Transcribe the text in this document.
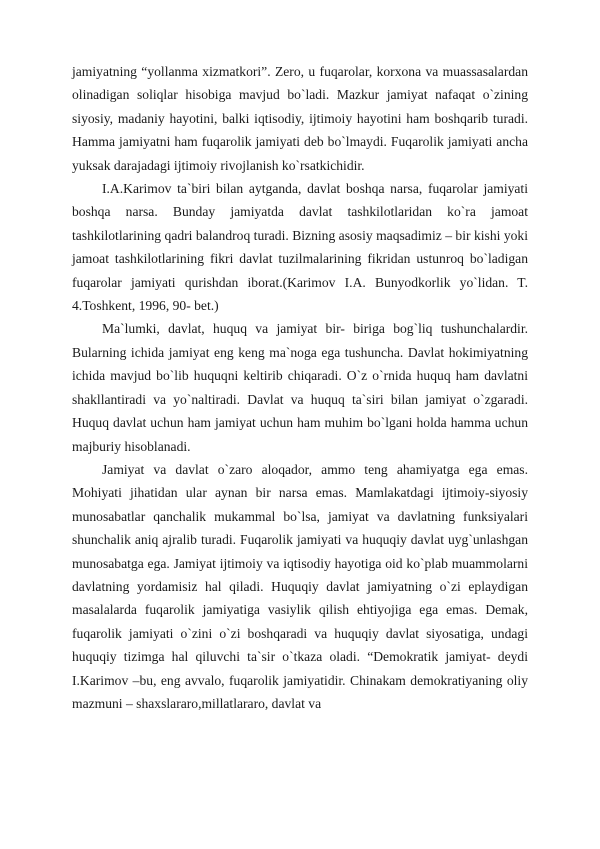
jamiyatning “yollanma xizmatkori”. Zero, u fuqarolar, korxona va muassasalardan olinadigan soliqlar hisobiga mavjud bo`ladi. Mazkur jamiyat nafaqat o`zining siyosiy, madaniy hayotini, balki iqtisodiy, ijtimoiy hayotini ham boshqarib turadi. Hamma jamiyatni ham fuqarolik jamiyati deb bo`lmaydi. Fuqarolik jamiyati ancha yuksak darajadagi ijtimoiy rivojlanish ko`rsatkichidir.

I.A.Karimov ta`biri bilan aytganda, davlat boshqa narsa, fuqarolar jamiyati boshqa narsa. Bunday jamiyatda davlat tashkilotlaridan ko`ra jamoat tashkilotlarining qadri balandroq turadi. Bizning asosiy maqsadimiz – bir kishi yoki jamoat tashkilotlarining fikri davlat tuzilmalarining fikridan ustunroq bo`ladigan fuqarolar jamiyati qurishdan iborat.(Karimov I.A. Bunyodkorlik yo`lidan. T. 4.Toshkent, 1996, 90- bet.)

Ma`lumki, davlat, huquq va jamiyat bir- biriga bog`liq tushunchalardir. Bularning ichida jamiyat eng keng ma`noga ega tushuncha. Davlat hokimiyatning ichida mavjud bo`lib huquqni keltirib chiqaradi. O`z o`rnida huquq ham davlatni shakllantiradi va yo`naltiradi. Davlat va huquq ta`siri bilan jamiyat o`zgaradi. Huquq davlat uchun ham jamiyat uchun ham muhim bo`lgani holda hamma uchun majburiy hisoblanadi.

Jamiyat va davlat o`zaro aloqador, ammo teng ahamiyatga ega emas. Mohiyati jihatidan ular aynan bir narsa emas. Mamlakatdagi ijtimoiy-siyosiy munosabatlar qanchalik mukammal bo`lsa, jamiyat va davlatning funksiyalari shunchalik aniq ajralib turadi. Fuqarolik jamiyati va huquqiy davlat uyg`unlashgan munosabatga ega. Jamiyat ijtimoiy va iqtisodiy hayotiga oid ko`plab muammolarni davlatning yordamisiz hal qiladi. Huquqiy davlat jamiyatning o`zi eplaydigan masalalarda fuqarolik jamiyatiga vasiylik qilish ehtiyojiga ega emas. Demak, fuqarolik jamiyati o`zini o`zi boshqaradi va huquqiy davlat siyosatiga, undagi huquqiy tizimga hal qiluvchi ta`sir o`tkaza oladi. “Demokratik jamiyat- deydi I.Karimov –bu, eng avvalo, fuqarolik jamiyatidir. Chinakam demokratiyaning oliy mazmuni – shaxslararo,millatlararo, davlat va
